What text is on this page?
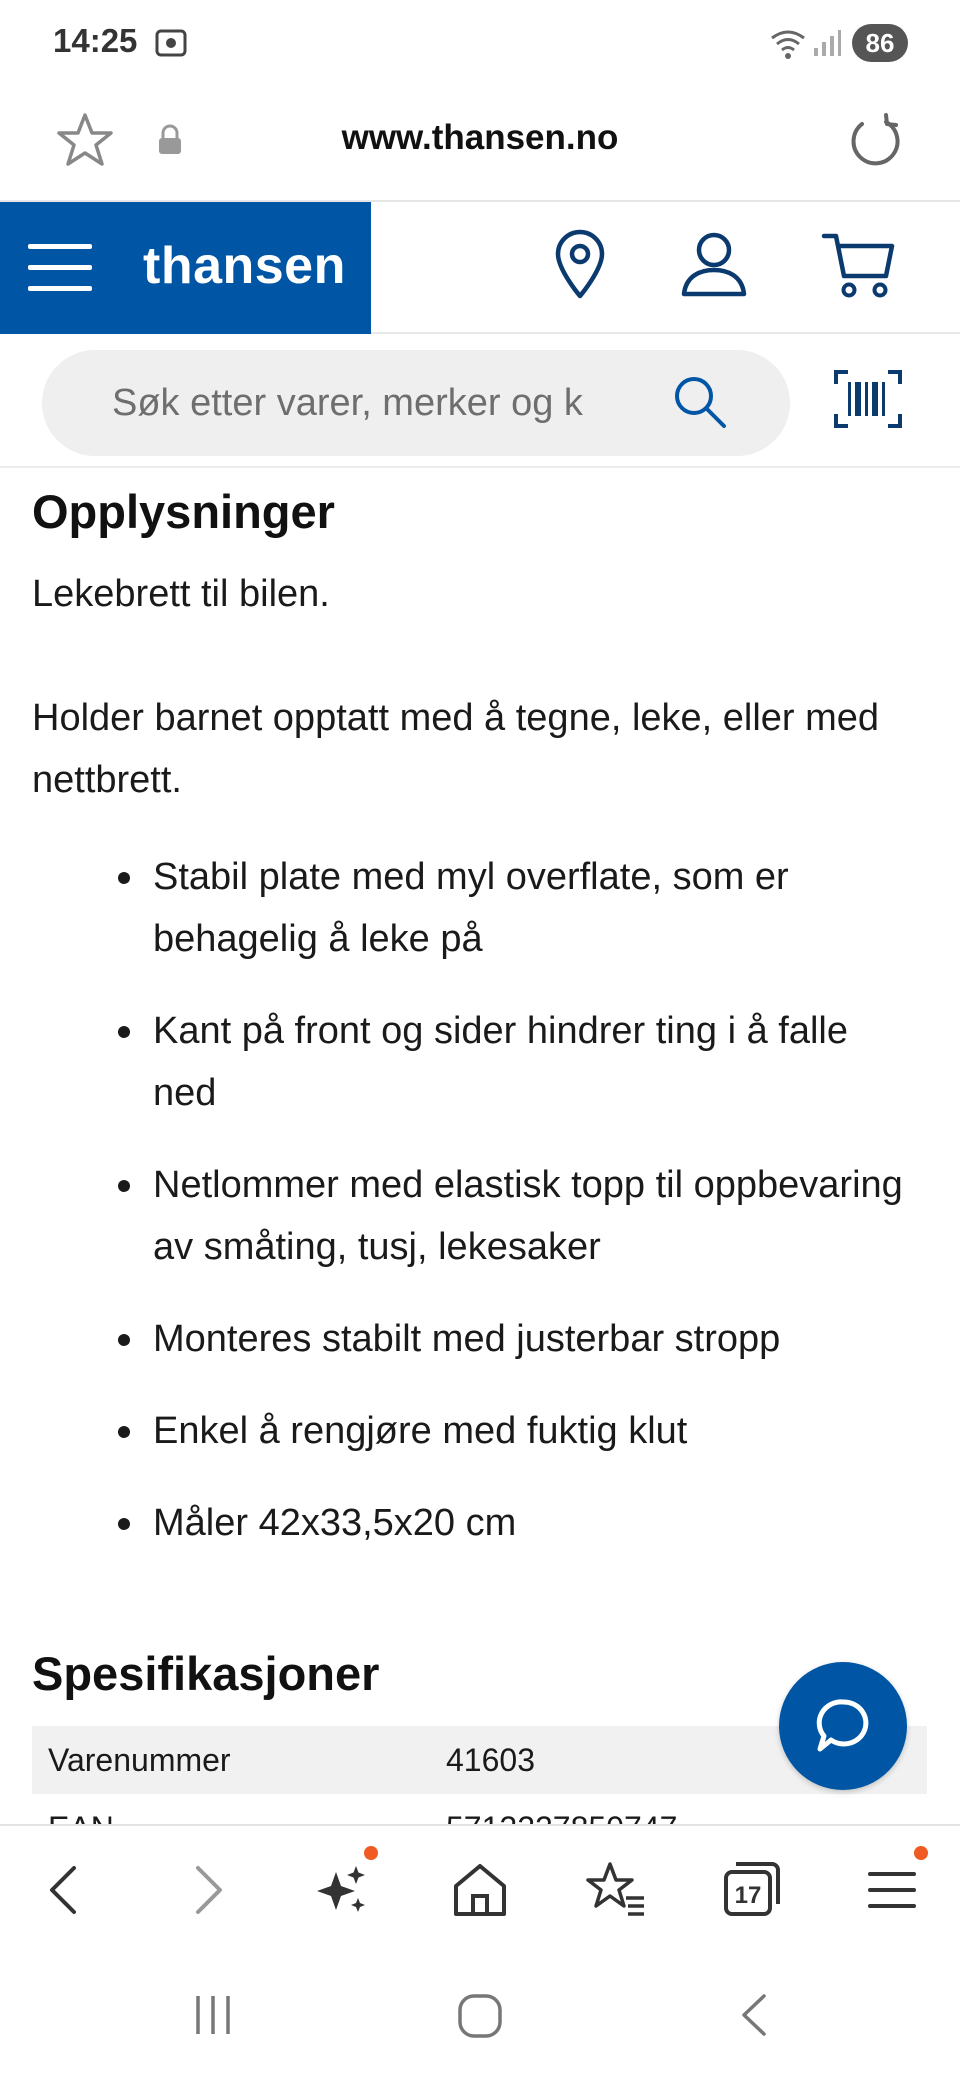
14:25	86
www.thansen.no
thansen
Søk etter varer, merker og k
Opplysninger
Lekebrett til bilen.
Holder barnet opptatt med å tegne, leke, eller med nettbrett.
Stabil plate med myl overflate, som er behagelig å leke på
Kant på front og sider hindrer ting i å falle ned
Netlommer med elastisk topp til oppbevaring av småting, tusj, lekesaker
Monteres stabilt med justerbar stropp
Enkel å rengjøre med fuktig klut
Måler 42x33,5x20 cm
Spesifikasjoner
Varenummer	41603
17
